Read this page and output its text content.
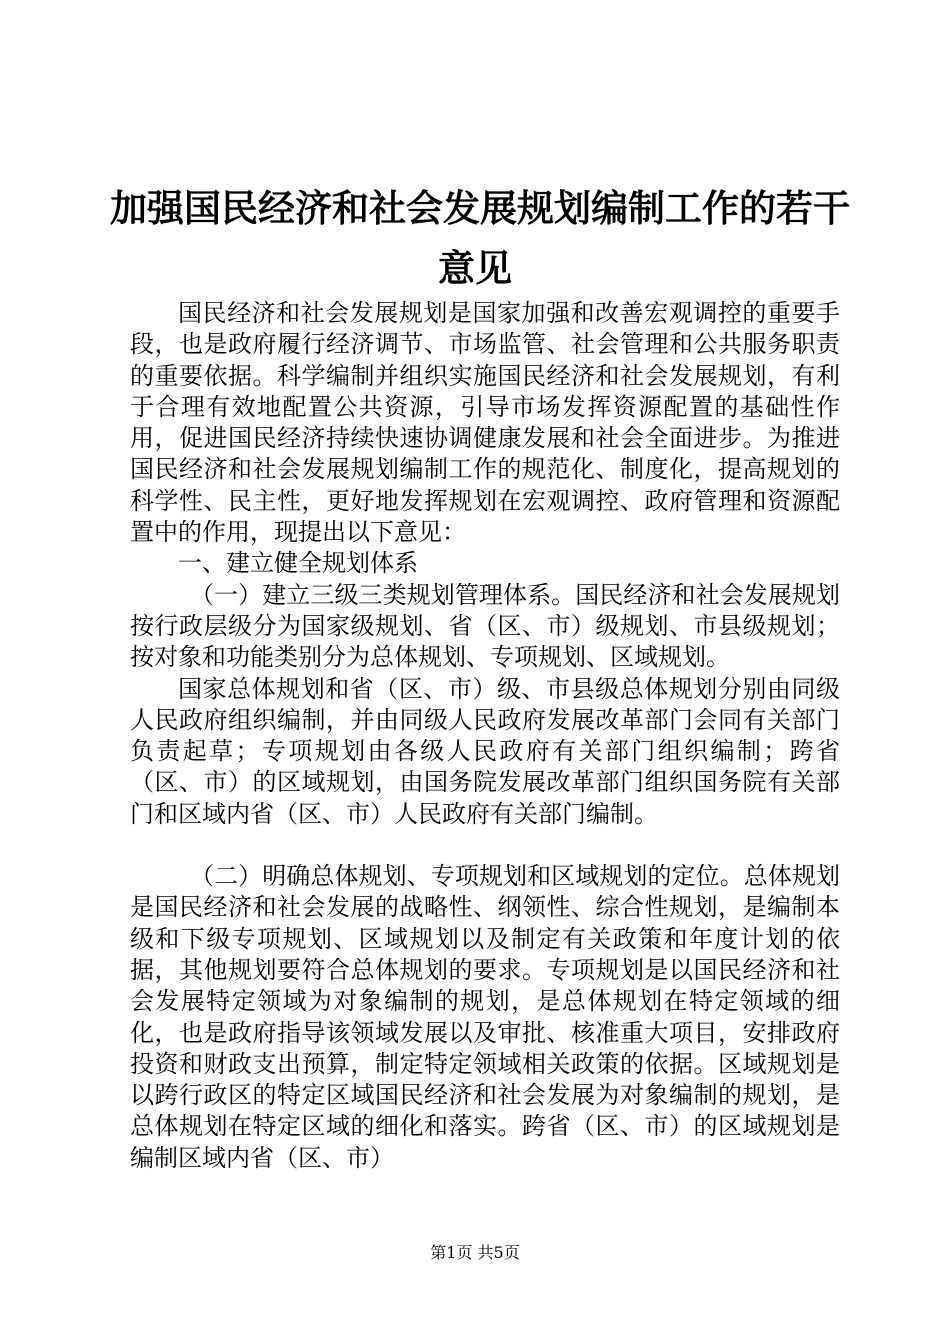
加强国民经济和社会发展规划编制工作的若干
意见

国民经济和社会发展规划是国家加强和改善宏观调控的重要手段，也是政府履行经济调节、市场监管、社会管理和公共服务职责的重要依据。科学编制并组织实施国民经济和社会发展规划，有利于合理有效地配置公共资源，引导市场发挥资源配置的基础性作用，促进国民经济持续快速协调健康发展和社会全面进步。为推进国民经济和社会发展规划编制工作的规范化、制度化，提高规划的科学性、民主性，更好地发挥规划在宏观调控、政府管理和资源配置中的作用，现提出以下意见：

一、建立健全规划体系

（一）建立三级三类规划管理体系。国民经济和社会发展规划按行政层级分为国家级规划、省（区、市）级规划、市县级规划；按对象和功能类别分为总体规划、专项规划、区域规划。

国家总体规划和省（区、市）级、市县级总体规划分别由同级人民政府组织编制，并由同级人民政府发展改革部门会同有关部门负责起草；专项规划由各级人民政府有关部门组织编制；跨省（区、市）的区域规划，由国务院发展改革部门组织国务院有关部门和区域内省（区、市）人民政府有关部门编制。

（二）明确总体规划、专项规划和区域规划的定位。总体规划是国民经济和社会发展的战略性、纲领性、综合性规划，是编制本级和下级专项规划、区域规划以及制定有关政策和年度计划的依据，其他规划要符合总体规划的要求。专项规划是以国民经济和社会发展特定领域为对象编制的规划，是总体规划在特定领域的细化，也是政府指导该领域发展以及审批、核准重大项目，安排政府投资和财政支出预算，制定特定领域相关政策的依据。区域规划是以跨行政区的特定区域国民经济和社会发展为对象编制的规划，是总体规划在特定区域的细化和落实。跨省（区、市）的区域规划是编制区域内省（区、市）

第1页 共5页
